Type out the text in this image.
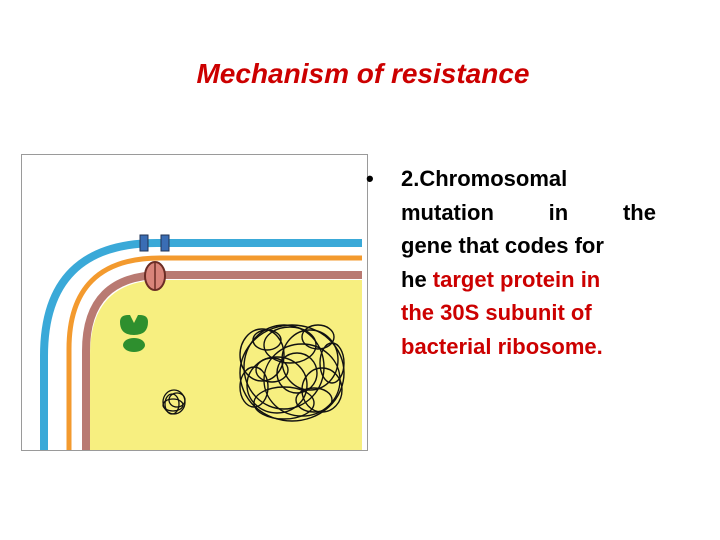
Mechanism of resistance
•	2.Chromosomal
mutation in the
gene that codes for
he target protein in
the 30S subunit of
bacterial ribosome.
